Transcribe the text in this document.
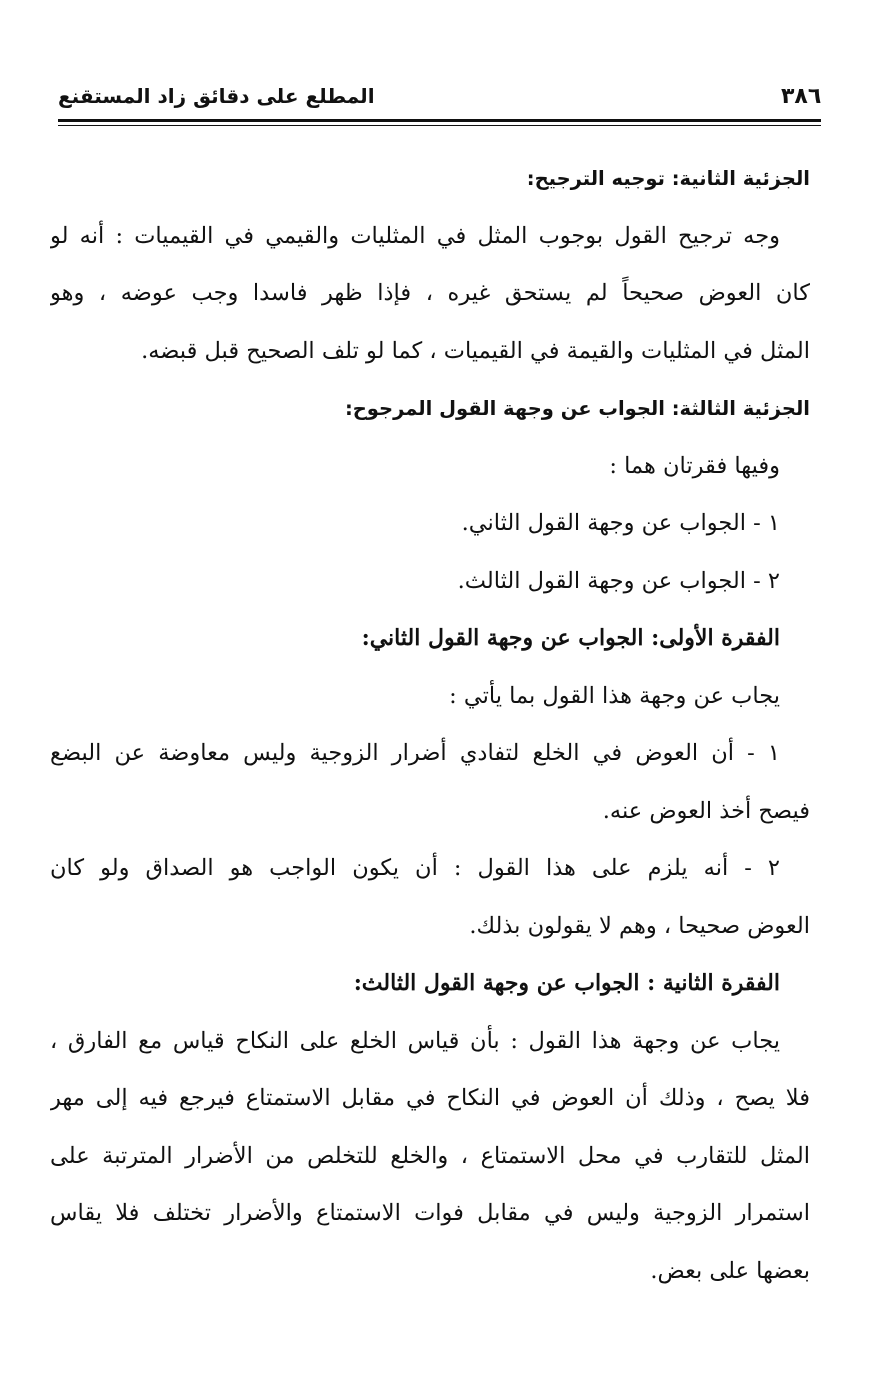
٣٨٦
المطلع على دقائق زاد المستقنع
الجزئية الثانية: توجيه الترجيح:
وجه ترجيح القول بوجوب المثل في المثليات والقيمي في القيميات : أنه لو
كان العوض صحيحاً لم يستحق غيره ، فإذا ظهر فاسدا وجب عوضه ، وهو
المثل في المثليات والقيمة في القيميات ، كما لو تلف الصحيح قبل قبضه.
الجزئية الثالثة: الجواب عن وجهة القول المرجوح:
وفيها فقرتان هما :
١ - الجواب عن وجهة القول الثاني.
٢ - الجواب عن وجهة القول الثالث.
الفقرة الأولى: الجواب عن وجهة القول الثاني:
يجاب عن وجهة هذا القول بما يأتي :
١ - أن العوض في الخلع لتفادي أضرار الزوجية وليس معاوضة عن البضع
فيصح أخذ العوض عنه.
٢ - أنه يلزم على هذا القول : أن يكون الواجب هو الصداق ولو كان
العوض صحيحا ، وهم لا يقولون بذلك.
الفقرة الثانية : الجواب عن وجهة القول الثالث:
يجاب عن وجهة هذا القول : بأن قياس الخلع على النكاح قياس مع الفارق ،
فلا يصح ، وذلك أن العوض في النكاح في مقابل الاستمتاع فيرجع فيه إلى مهر
المثل للتقارب في محل الاستمتاع ، والخلع للتخلص من الأضرار المترتبة على
استمرار الزوجية وليس في مقابل فوات الاستمتاع والأضرار تختلف فلا يقاس
بعضها على بعض.
